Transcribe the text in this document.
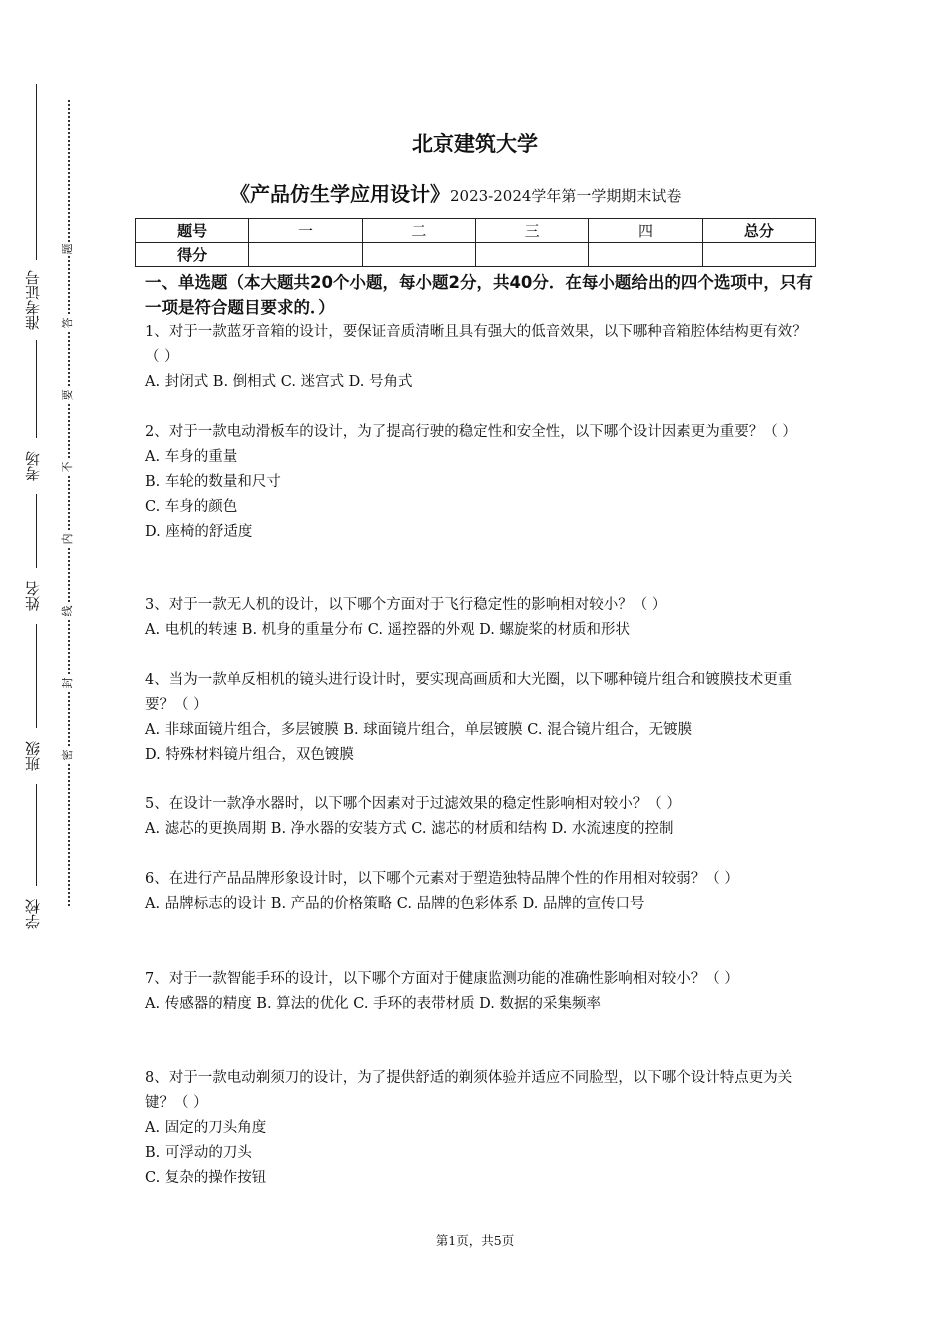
准考证号
考场
姓名
班级
学校
题
答
要
不
内
线
封
密
北京建筑大学
《产品仿生学应用设计》2023-2024学年第一学期期末试卷
题号	一	二	三	四	总分
得分					
一、单选题（本大题共20个小题，每小题2分，共40分．在每小题给出的四个选项中，只有一项是符合题目要求的．）

1、对于一款蓝牙音箱的设计，要保证音质清晰且具有强大的低音效果，以下哪种音箱腔体结构更有效？（ ）

A. 封闭式 B. 倒相式 C. 迷宫式 D. 号角式

2、对于一款电动滑板车的设计，为了提高行驶的稳定性和安全性，以下哪个设计因素更为重要？（ ）

A. 车身的重量

B. 车轮的数量和尺寸

C. 车身的颜色

D. 座椅的舒适度

3、对于一款无人机的设计，以下哪个方面对于飞行稳定性的影响相对较小？（ ）

A. 电机的转速 B. 机身的重量分布 C. 遥控器的外观 D. 螺旋桨的材质和形状

4、当为一款单反相机的镜头进行设计时，要实现高画质和大光圈，以下哪种镜片组合和镀膜技术更重要？（ ）

A. 非球面镜片组合，多层镀膜 B. 球面镜片组合，单层镀膜 C. 混合镜片组合，无镀膜

D. 特殊材料镜片组合，双色镀膜

5、在设计一款净水器时，以下哪个因素对于过滤效果的稳定性影响相对较小？（ ）

A. 滤芯的更换周期 B. 净水器的安装方式 C. 滤芯的材质和结构 D. 水流速度的控制

6、在进行产品品牌形象设计时，以下哪个元素对于塑造独特品牌个性的作用相对较弱？（ ）

A. 品牌标志的设计 B. 产品的价格策略 C. 品牌的色彩体系 D. 品牌的宣传口号

7、对于一款智能手环的设计，以下哪个方面对于健康监测功能的准确性影响相对较小？（ ）

A. 传感器的精度 B. 算法的优化 C. 手环的表带材质 D. 数据的采集频率

8、对于一款电动剃须刀的设计，为了提供舒适的剃须体验并适应不同脸型，以下哪个设计特点更为关键？（ ）

A. 固定的刀头角度

B. 可浮动的刀头

C. 复杂的操作按钮

第1页，共5页
